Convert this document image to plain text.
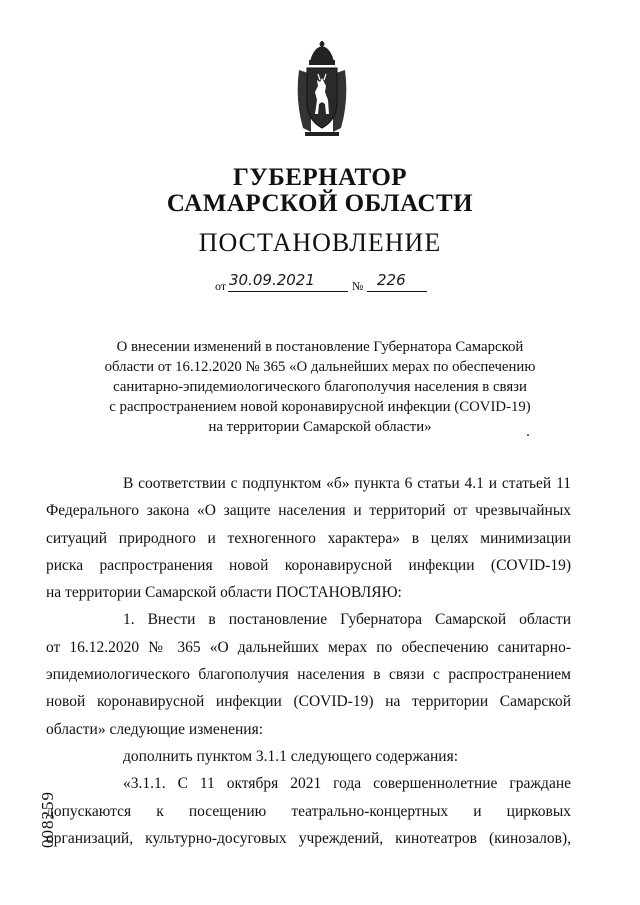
ГУБЕРНАТОР
САМАРСКОЙ ОБЛАСТИ
ПОСТАНОВЛЕНИЕ
от 30.09.2021	№ 226
О внесении изменений в постановление Губернатора Самарской
области от 16.12.2020 № 365 «О дальнейших мерах по обеспечению
санитарно-эпидемиологического благополучия населения в связи
с распространением новой коронавирусной инфекции (COVID-19)
на территории Самарской области»
В соответствии с подпунктом «б» пункта 6 статьи 4.1 и статьей 11
Федерального закона «О защите населения и территорий от чрезвычайных
ситуаций природного и техногенного характера» в целях минимизации
риска распространения новой коронавирусной инфекции (COVID-19)
на территории Самарской области ПОСТАНОВЛЯЮ:
1. Внести в постановление Губернатора Самарской области
от 16.12.2020 № 365 «О дальнейших мерах по обеспечению санитарно-
эпидемиологического благополучия населения в связи с распространением
новой коронавирусной инфекции (COVID-19) на территории Самарской
области» следующие изменения:
дополнить пунктом 3.1.1 следующего содержания:
«3.1.1. С 11 октября 2021 года совершеннолетние граждане
допускаются к посещению театрально-концертных и цирковых
организаций, культурно-досуговых учреждений, кинотеатров (кинозалов),
008259
